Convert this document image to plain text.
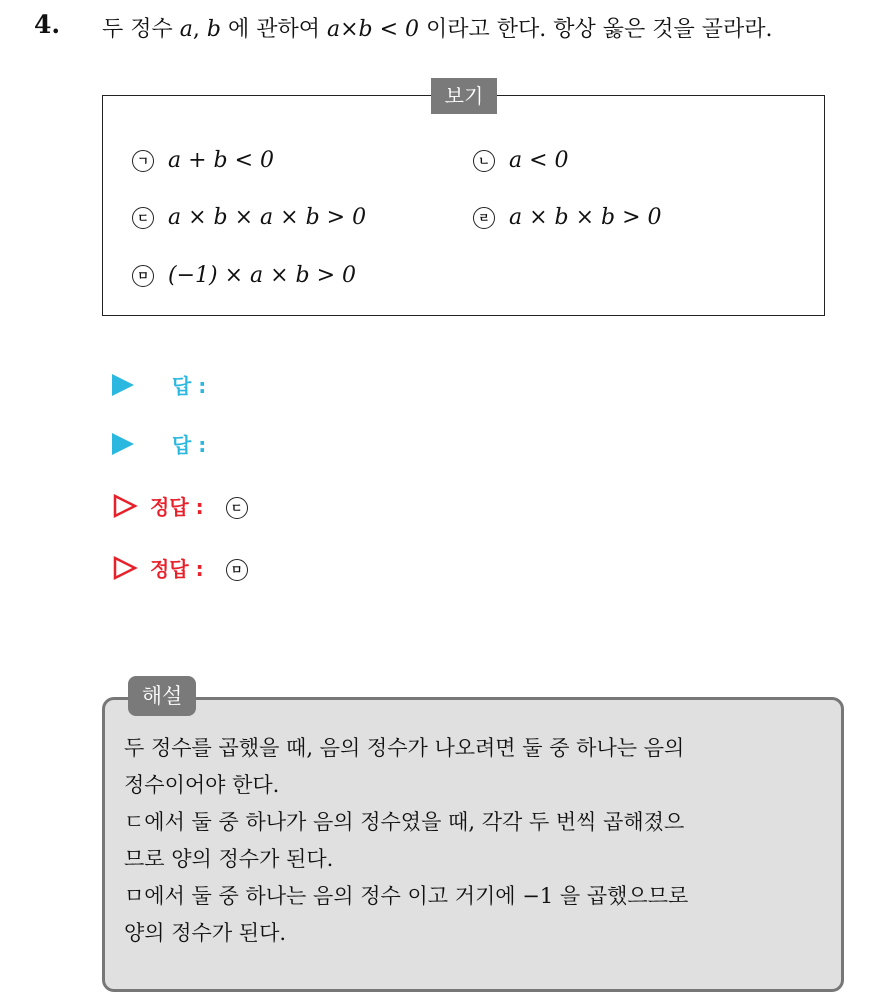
4. 두 정수 a, b 에 관하여 a×b < 0 이라고 한다. 항상 옳은 것을 골라라.
보기
ㄱ a + b < 0	ㄴ a < 0
ㄷ a × b × a × b > 0	ㄹ a × b × b > 0
ㅁ (−1) × a × b > 0
답 :
답 :
정답 :	ㄷ
정답 :	ㅁ
해설
두 정수를 곱했을 때, 음의 정수가 나오려면 둘 중 하나는 음의
정수이어야 한다.
ㄷ에서 둘 중 하나가 음의 정수였을 때, 각각 두 번씩 곱해졌으
므로 양의 정수가 된다.
ㅁ에서 둘 중 하나는 음의 정수 이고 거기에 −1 을 곱했으므로
양의 정수가 된다.
